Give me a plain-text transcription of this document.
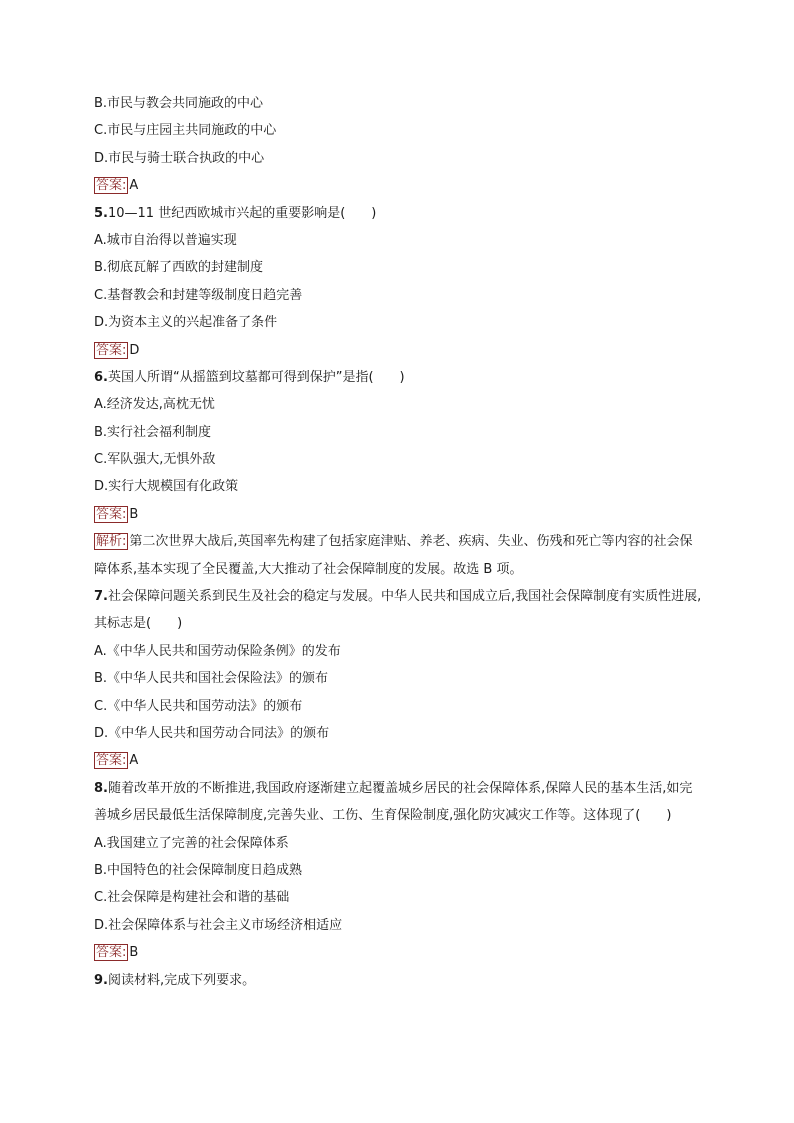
B.市民与教会共同施政的中心
C.市民与庄园主共同施政的中心
D.市民与骑士联合执政的中心
答案: A
5.10—11 世纪西欧城市兴起的重要影响是(　　)
A.城市自治得以普遍实现
B.彻底瓦解了西欧的封建制度
C.基督教会和封建等级制度日趋完善
D.为资本主义的兴起准备了条件
答案: D
6.英国人所谓“从摇篮到坟墓都可得到保护”是指(　　)
A.经济发达,高枕无忧
B.实行社会福利制度
C.军队强大,无惧外敌
D.实行大规模国有化政策
答案: B
解析: 第二次世界大战后,英国率先构建了包括家庭津贴、养老、疾病、失业、伤残和死亡等内容的社会保障体系,基本实现了全民覆盖,大大推动了社会保障制度的发展。故选 B 项。
7.社会保障问题关系到民生及社会的稳定与发展。中华人民共和国成立后,我国社会保障制度有实质性进展,其标志是(　　)
A.《中华人民共和国劳动保险条例》的发布
B.《中华人民共和国社会保险法》的颁布
C.《中华人民共和国劳动法》的颁布
D.《中华人民共和国劳动合同法》的颁布
答案: A
8.随着改革开放的不断推进,我国政府逐渐建立起覆盖城乡居民的社会保障体系,保障人民的基本生活,如完善城乡居民最低生活保障制度,完善失业、工伤、生育保险制度,强化防灾减灾工作等。这体现了(　　)
A.我国建立了完善的社会保障体系
B.中国特色的社会保障制度日趋成熟
C.社会保障是构建社会和谐的基础
D.社会保障体系与社会主义市场经济相适应
答案: B
9.阅读材料,完成下列要求。
